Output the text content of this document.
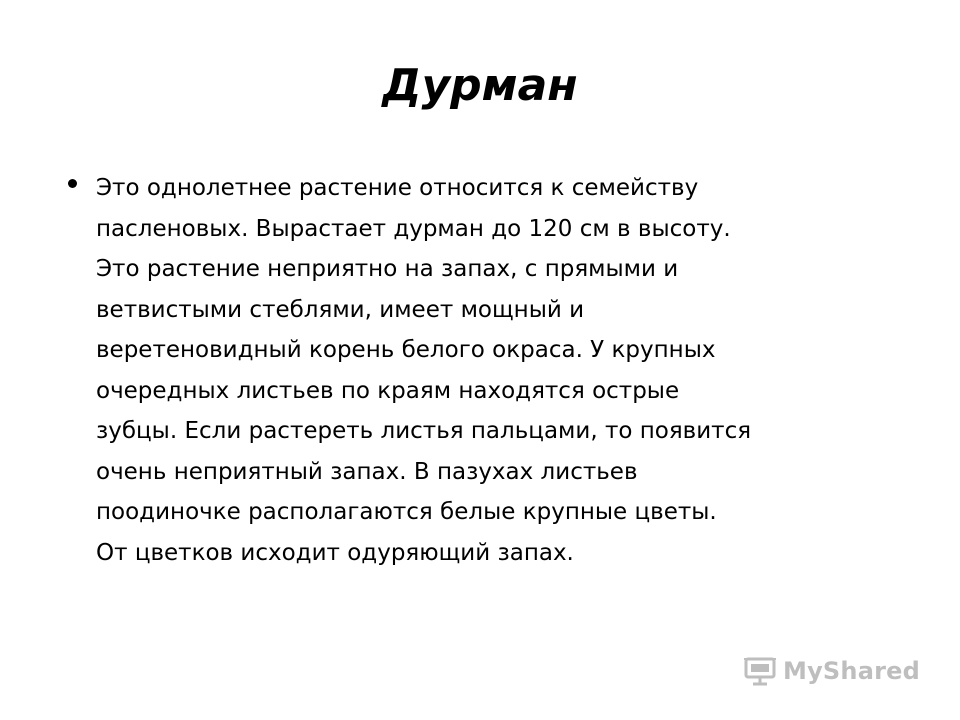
Дурман

Это однолетнее растение относится к семейству
пасленовых. Вырастает дурман до 120 см в высоту.
Это растение неприятно на запах, с прямыми и
ветвистыми стеблями, имеет мощный и
веретеновидный корень белого окраса. У крупных
очередных листьев по краям находятся острые
зубцы. Если растереть листья пальцами, то появится
очень неприятный запах. В пазухах листьев
поодиночке располагаются белые крупные цветы.
От цветков исходит одуряющий запах.

MyShared
